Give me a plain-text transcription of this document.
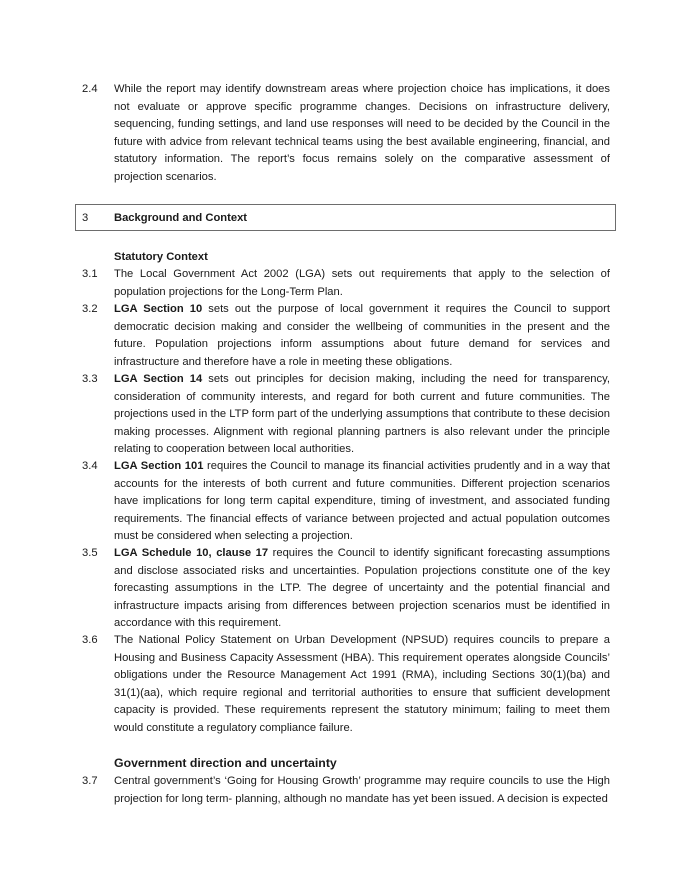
2.4 While the report may identify downstream areas where projection choice has implications, it does not evaluate or approve specific programme changes. Decisions on infrastructure delivery, sequencing, funding settings, and land use responses will need to be decided by the Council in the future with advice from relevant technical teams using the best available engineering, financial, and statutory information. The report’s focus remains solely on the comparative assessment of projection scenarios.
3 Background and Context
Statutory Context
3.1 The Local Government Act 2002 (LGA) sets out requirements that apply to the selection of population projections for the Long-Term Plan.
3.2 LGA Section 10 sets out the purpose of local government it requires the Council to support democratic decision making and consider the wellbeing of communities in the present and the future. Population projections inform assumptions about future demand for services and infrastructure and therefore have a role in meeting these obligations.
3.3 LGA Section 14 sets out principles for decision making, including the need for transparency, consideration of community interests, and regard for both current and future communities. The projections used in the LTP form part of the underlying assumptions that contribute to these decision making processes. Alignment with regional planning partners is also relevant under the principle relating to cooperation between local authorities.
3.4 LGA Section 101 requires the Council to manage its financial activities prudently and in a way that accounts for the interests of both current and future communities. Different projection scenarios have implications for long term capital expenditure, timing of investment, and associated funding requirements. The financial effects of variance between projected and actual population outcomes must be considered when selecting a projection.
3.5 LGA Schedule 10, clause 17 requires the Council to identify significant forecasting assumptions and disclose associated risks and uncertainties. Population projections constitute one of the key forecasting assumptions in the LTP. The degree of uncertainty and the potential financial and infrastructure impacts arising from differences between projection scenarios must be identified in accordance with this requirement.
3.6 The National Policy Statement on Urban Development (NPSUD) requires councils to prepare a Housing and Business Capacity Assessment (HBA). This requirement operates alongside Councils’ obligations under the Resource Management Act 1991 (RMA), including Sections 30(1)(ba) and 31(1)(aa), which require regional and territorial authorities to ensure that sufficient development capacity is provided. These requirements represent the statutory minimum; failing to meet them would constitute a regulatory compliance failure.
Government direction and uncertainty
3.7 Central government’s ‘Going for Housing Growth’ programme may require councils to use the High projection for long term- planning, although no mandate has yet been issued. A decision is expected
